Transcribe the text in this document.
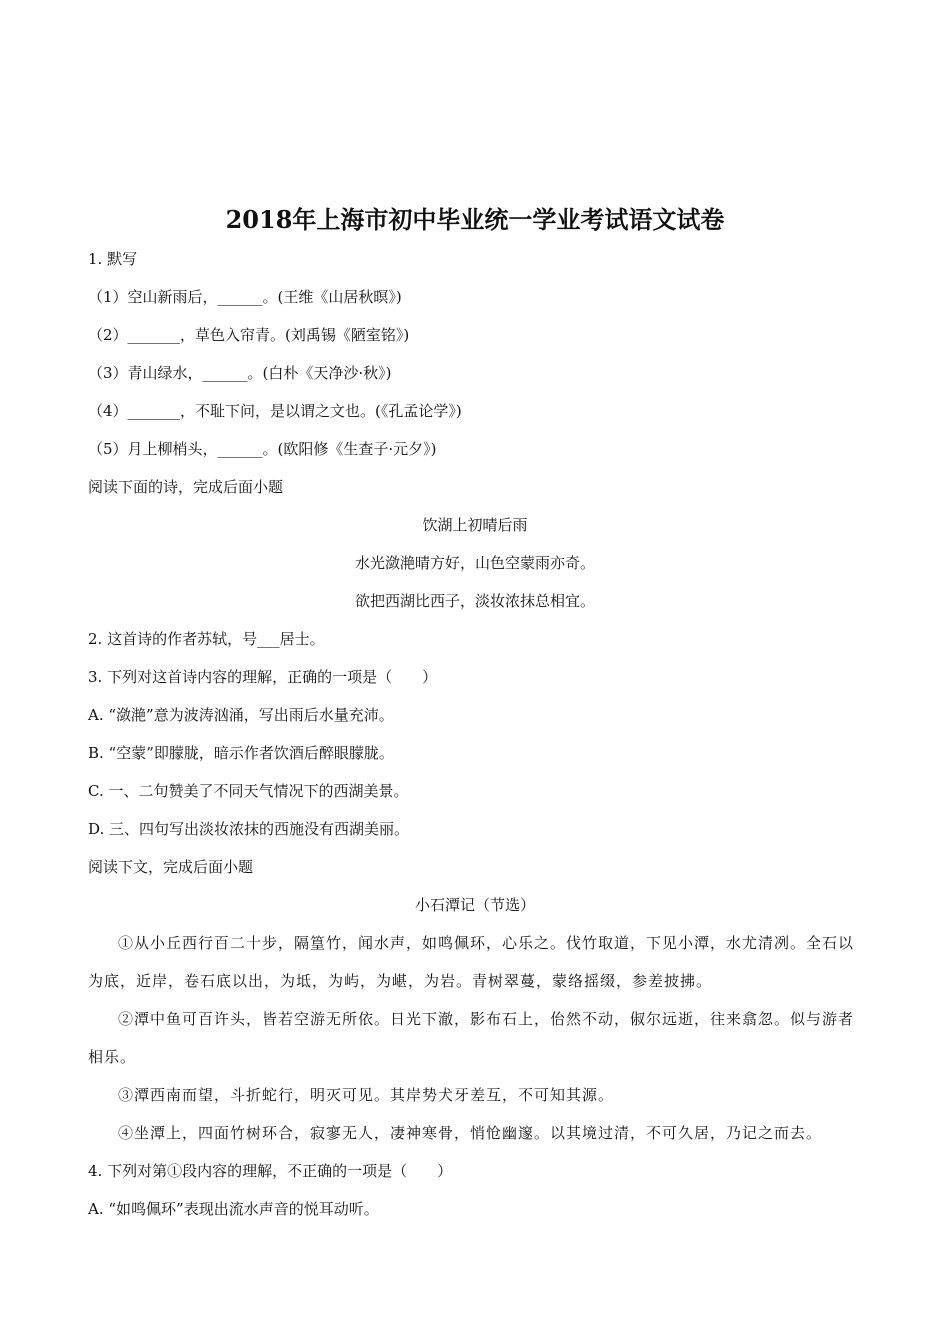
2018年上海市初中毕业统一学业考试语文试卷
1. 默写
（1）空山新雨后，______。(王维《山居秋暝》)
（2）_______，草色入帘青。(刘禹锡《陋室铭》)
（3）青山绿水，______。(白朴《天净沙·秋》)
（4）_______，不耻下问，是以谓之文也。(《孔孟论学》)
（5）月上柳梢头，______。(欧阳修《生查子·元夕》)
阅读下面的诗，完成后面小题
饮湖上初晴后雨
水光潋滟晴方好，山色空蒙雨亦奇。
欲把西湖比西子，淡妆浓抹总相宜。
2. 这首诗的作者苏轼，号___居士。
3. 下列对这首诗内容的理解，正确的一项是（　　）
A. “潋滟”意为波涛汹涌，写出雨后水量充沛。
B. “空蒙”即朦胧，暗示作者饮酒后醉眼朦胧。
C. 一、二句赞美了不同天气情况下的西湖美景。
D. 三、四句写出淡妆浓抹的西施没有西湖美丽。
阅读下文，完成后面小题
小石潭记（节选）
①从小丘西行百二十步，隔篁竹，闻水声，如鸣佩环，心乐之。伐竹取道，下见小潭，水尤清冽。全石以为底，近岸，卷石底以出，为坻，为屿，为嵁，为岩。青树翠蔓，蒙络摇缀，参差披拂。
②潭中鱼可百许头，皆若空游无所依。日光下澈，影布石上，佁然不动，俶尔远逝，往来翕忽。似与游者相乐。
③潭西南而望，斗折蛇行，明灭可见。其岸势犬牙差互，不可知其源。
④坐潭上，四面竹树环合，寂寥无人，凄神寒骨，悄怆幽邃。以其境过清，不可久居，乃记之而去。
4. 下列对第①段内容的理解，不正确的一项是（　　）
A. “如鸣佩环”表现出流水声音的悦耳动听。
